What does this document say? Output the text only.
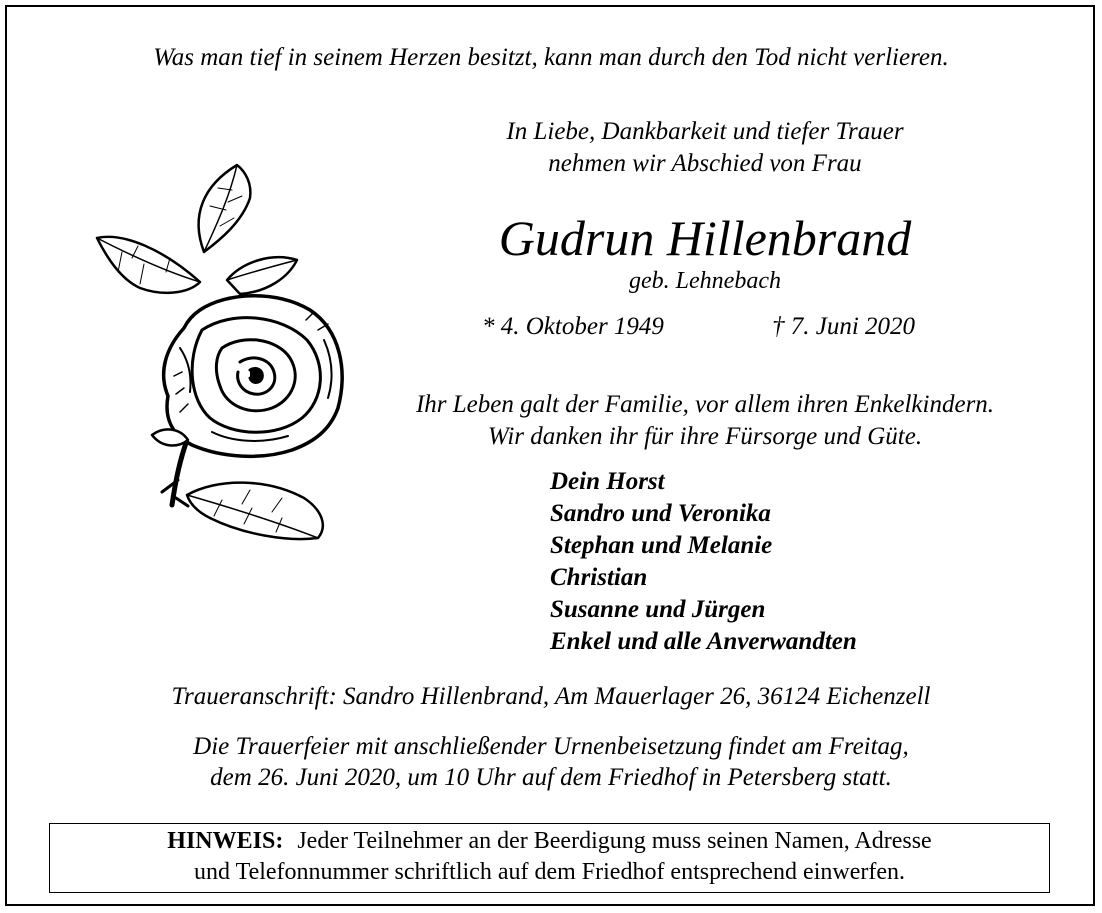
Was man tief in seinem Herzen besitzt, kann man durch den Tod nicht verlieren.
In Liebe, Dankbarkeit und tiefer Trauer
nehmen wir Abschied von Frau
Gudrun Hillenbrand
geb. Lehnebach
* 4. Oktober 1949	† 7. Juni 2020
Ihr Leben galt der Familie, vor allem ihren Enkelkindern.
Wir danken ihr für ihre Fürsorge und Güte.
Dein Horst
Sandro und Veronika
Stephan und Melanie
Christian
Susanne und Jürgen
Enkel und alle Anverwandten
Traueranschrift: Sandro Hillenbrand, Am Mauerlager 26, 36124 Eichenzell
Die Trauerfeier mit anschließender Urnenbeisetzung findet am Freitag,
dem 26. Juni 2020, um 10 Uhr auf dem Friedhof in Petersberg statt.
HINWEIS: Jeder Teilnehmer an der Beerdigung muss seinen Namen, Adresse
und Telefonnummer schriftlich auf dem Friedhof entsprechend einwerfen.
